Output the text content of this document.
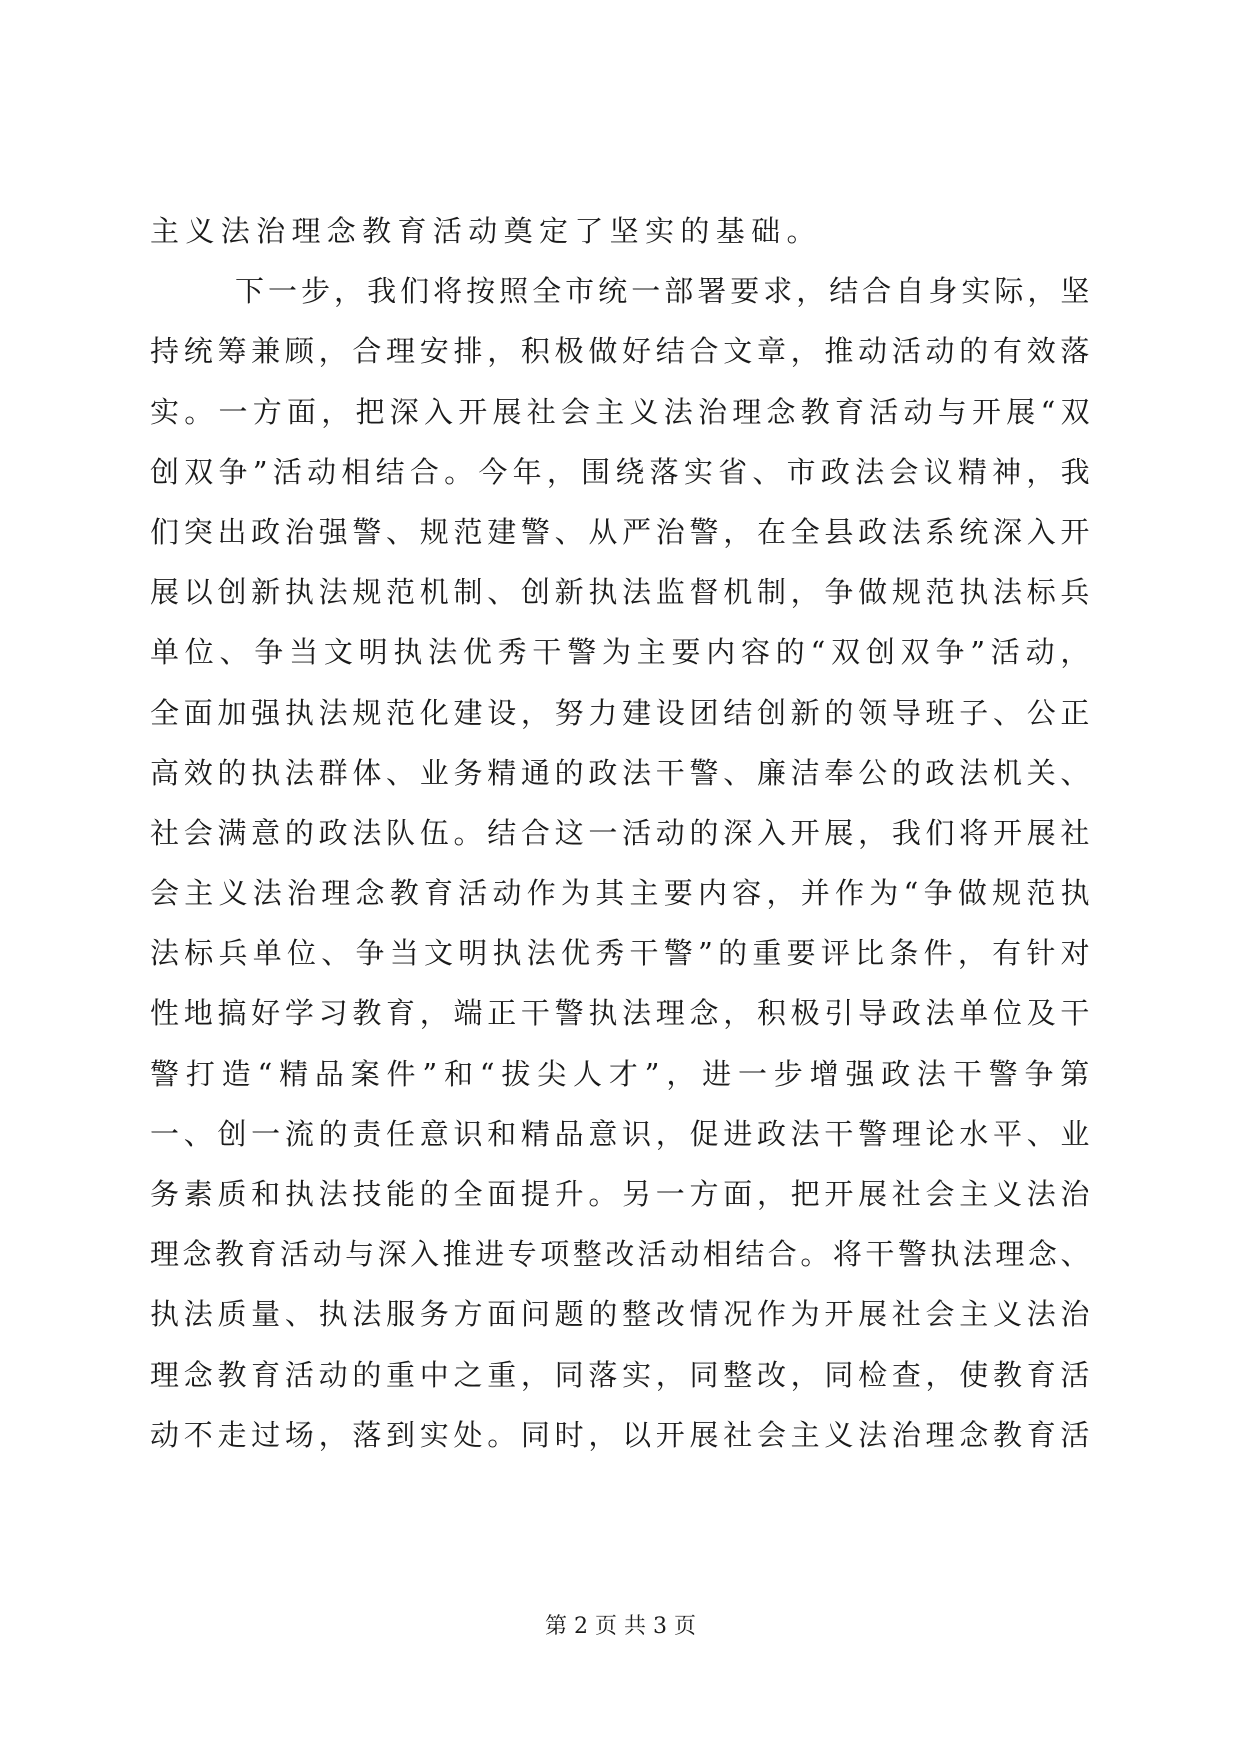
主 义 法 治 理 念 教 育 活 动 奠 定 了 坚 实 的 基 础 。
下 一 步 ， 我 们 将 按 照 全 市 统 一 部 署 要 求 ， 结 合 自 身 实 际 ， 坚
持 统 筹 兼 顾 ， 合 理 安 排 ， 积 极 做 好 结 合 文 章 ， 推 动 活 动 的 有 效 落
实 。 一 方 面 ， 把 深 入 开 展 社 会 主 义 法 治 理 念 教 育 活 动 与 开 展 “ 双
创 双 争 ” 活 动 相 结 合 。 今 年 ， 围 绕 落 实 省 、 市 政 法 会 议 精 神 ， 我
们 突 出 政 治 强 警 、 规 范 建 警 、 从 严 治 警 ， 在 全 县 政 法 系 统 深 入 开
展 以 创 新 执 法 规 范 机 制 、 创 新 执 法 监 督 机 制 ， 争 做 规 范 执 法 标 兵
单 位 、 争 当 文 明 执 法 优 秀 干 警 为 主 要 内 容 的 “ 双 创 双 争 ” 活 动 ，
全 面 加 强 执 法 规 范 化 建 设 ， 努 力 建 设 团 结 创 新 的 领 导 班 子 、 公 正
高 效 的 执 法 群 体 、 业 务 精 通 的 政 法 干 警 、 廉 洁 奉 公 的 政 法 机 关 、
社 会 满 意 的 政 法 队 伍 。 结 合 这 一 活 动 的 深 入 开 展 ， 我 们 将 开 展 社
会 主 义 法 治 理 念 教 育 活 动 作 为 其 主 要 内 容 ， 并 作 为 “ 争 做 规 范 执
法 标 兵 单 位 、 争 当 文 明 执 法 优 秀 干 警 ” 的 重 要 评 比 条 件 ， 有 针 对
性 地 搞 好 学 习 教 育 ， 端 正 干 警 执 法 理 念 ， 积 极 引 导 政 法 单 位 及 干
警 打 造 “ 精 品 案 件 ” 和 “ 拔 尖 人 才 ” ， 进 一 步 增 强 政 法 干 警 争 第
一 、 创 一 流 的 责 任 意 识 和 精 品 意 识 ， 促 进 政 法 干 警 理 论 水 平 、 业
务 素 质 和 执 法 技 能 的 全 面 提 升 。 另 一 方 面 ， 把 开 展 社 会 主 义 法 治
理 念 教 育 活 动 与 深 入 推 进 专 项 整 改 活 动 相 结 合 。 将 干 警 执 法 理 念 、
执 法 质 量 、 执 法 服 务 方 面 问 题 的 整 改 情 况 作 为 开 展 社 会 主 义 法 治
理 念 教 育 活 动 的 重 中 之 重 ， 同 落 实 ， 同 整 改 ， 同 检 查 ， 使 教 育 活
动 不 走 过 场 ， 落 到 实 处 。 同 时 ， 以 开 展 社 会 主 义 法 治 理 念 教 育 活
第 2 页 共 3 页
